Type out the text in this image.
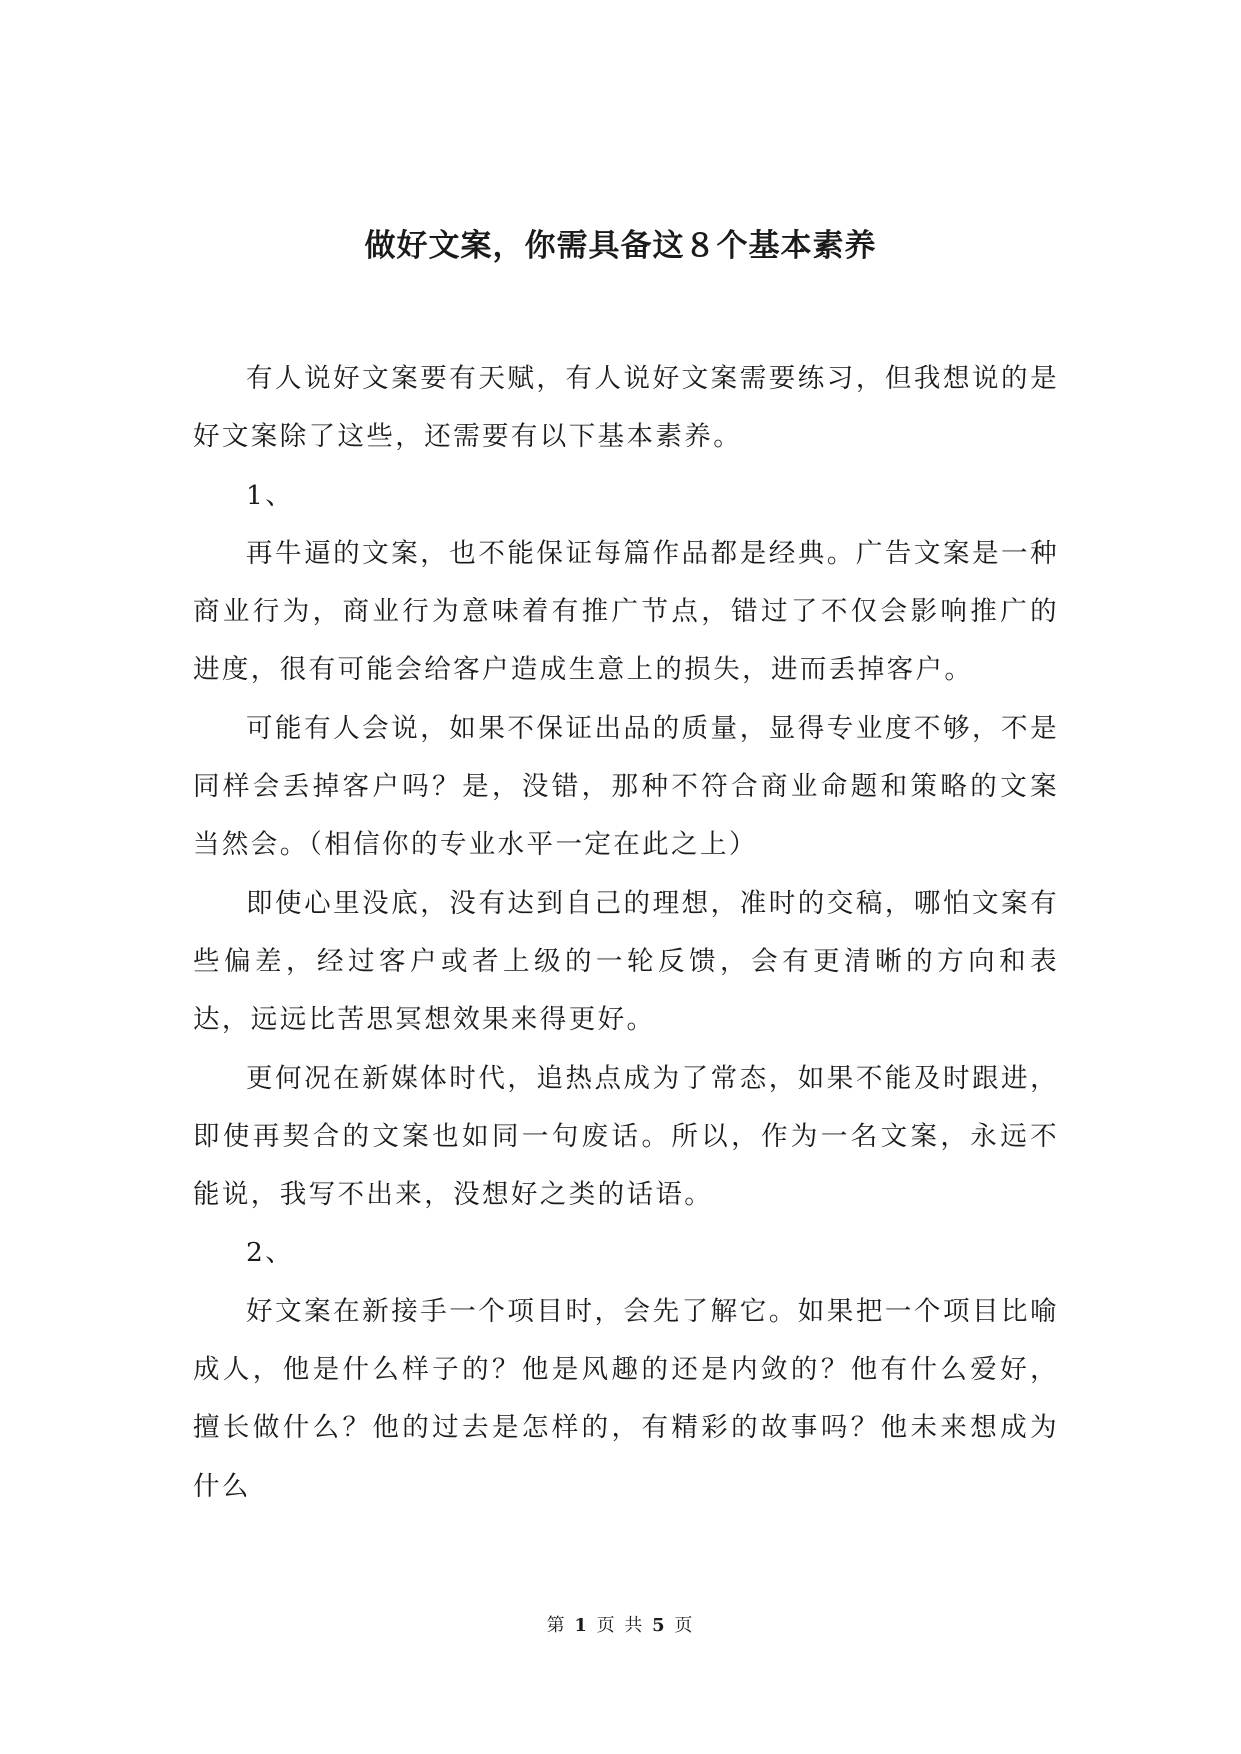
做好文案，你需具备这８个基本素养

有人说好文案要有天赋，有人说好文案需要练习，但我想说的是好文案除了这些，还需要有以下基本素养。

1、

再牛逼的文案，也不能保证每篇作品都是经典。广告文案是一种商业行为，商业行为意味着有推广节点，错过了不仅会影响推广的进度，很有可能会给客户造成生意上的损失，进而丢掉客户。

可能有人会说，如果不保证出品的质量，显得专业度不够，不是同样会丢掉客户吗？是，没错，那种不符合商业命题和策略的文案当然会。（相信你的专业水平一定在此之上）

即使心里没底，没有达到自己的理想，准时的交稿，哪怕文案有些偏差，经过客户或者上级的一轮反馈，会有更清晰的方向和表达，远远比苦思冥想效果来得更好。

更何况在新媒体时代，追热点成为了常态，如果不能及时跟进，即使再契合的文案也如同一句废话。所以，作为一名文案，永远不能说，我写不出来，没想好之类的话语。

2、

好文案在新接手一个项目时，会先了解它。如果把一个项目比喻成人，他是什么样子的？他是风趣的还是内敛的？他有什么爱好，擅长做什么？他的过去是怎样的，有精彩的故事吗？他未来想成为什么

第 1 页 共 5 页
